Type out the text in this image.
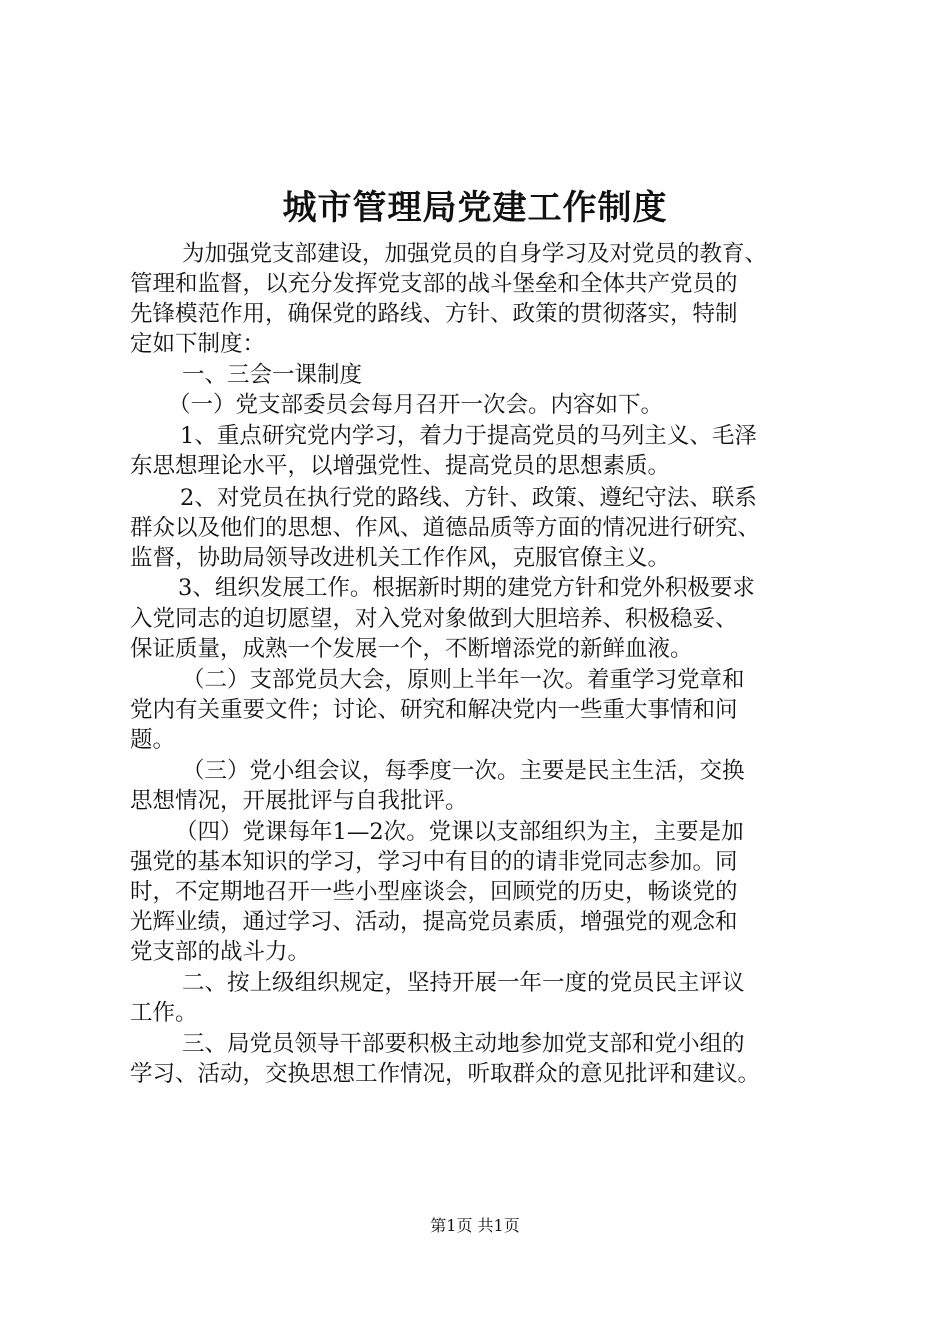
城市管理局党建工作制度
为加强党支部建设，加强党员的自身学习及对党员的教育、
管理和监督，以充分发挥党支部的战斗堡垒和全体共产党员的
先锋模范作用，确保党的路线、方针、政策的贯彻落实，特制
定如下制度：
一、三会一课制度
（一）党支部委员会每月召开一次会。内容如下。
1、重点研究党内学习，着力于提高党员的马列主义、毛泽
东思想理论水平，以增强党性、提高党员的思想素质。
2、对党员在执行党的路线、方针、政策、遵纪守法、联系
群众以及他们的思想、作风、道德品质等方面的情况进行研究、
监督，协助局领导改进机关工作作风，克服官僚主义。
3、组织发展工作。根据新时期的建党方针和党外积极要求
入党同志的迫切愿望，对入党对象做到大胆培养、积极稳妥、
保证质量，成熟一个发展一个，不断增添党的新鲜血液。
（二）支部党员大会，原则上半年一次。着重学习党章和
党内有关重要文件；讨论、研究和解决党内一些重大事情和问
题。
（三）党小组会议，每季度一次。主要是民主生活，交换
思想情况，开展批评与自我批评。
（四）党课每年1—2次。党课以支部组织为主，主要是加
强党的基本知识的学习，学习中有目的的请非党同志参加。同
时，不定期地召开一些小型座谈会，回顾党的历史，畅谈党的
光辉业绩，通过学习、活动，提高党员素质，增强党的观念和
党支部的战斗力。
二、按上级组织规定，坚持开展一年一度的党员民主评议
工作。
三、局党员领导干部要积极主动地参加党支部和党小组的
学习、活动，交换思想工作情况，听取群众的意见批评和建议。
第1页 共1页
